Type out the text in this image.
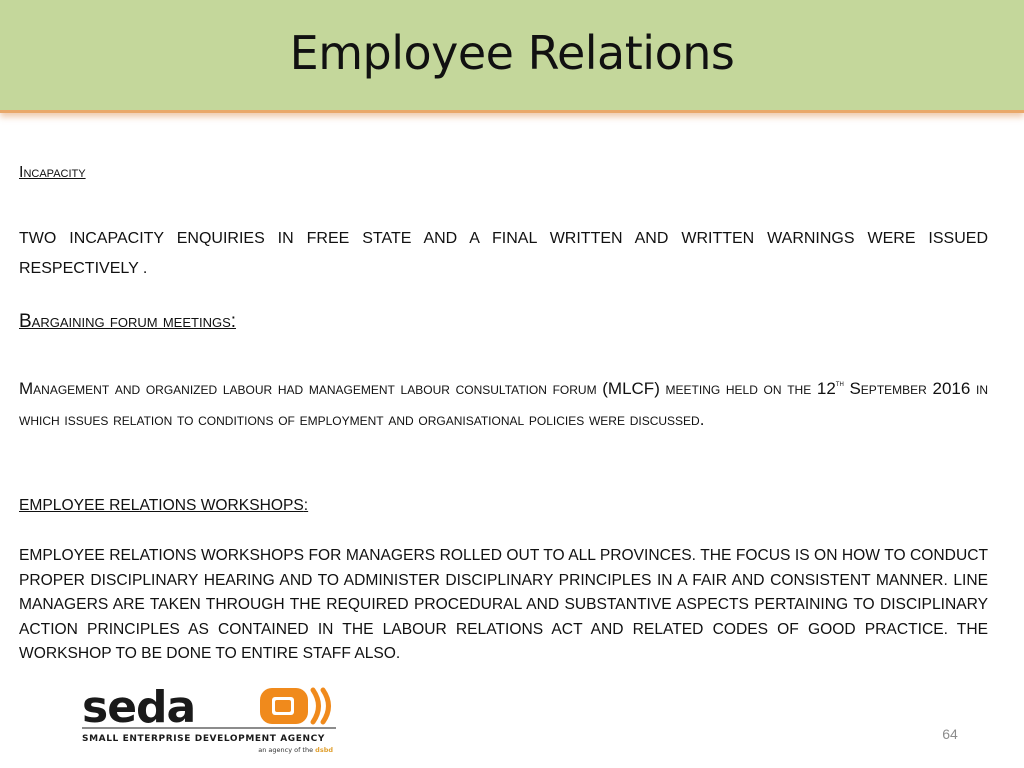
Employee Relations
Incapacity
TWO INCAPACITY ENQUIRIES IN FREE STATE AND A FINAL WRITTEN AND WRITTEN WARNINGS WERE ISSUED RESPECTIVELY .
Bargaining forum meetings:
Management and organized labour had management labour consultation forum (MLCF) meeting held on the 12th September 2016 in which issues relation to conditions of employment and organisational policies were discussed.
EMPLOYEE RELATIONS WORKSHOPS:
EMPLOYEE RELATIONS WORKSHOPS FOR MANAGERS ROLLED OUT TO ALL PROVINCES. THE FOCUS IS ON HOW TO CONDUCT PROPER DISCIPLINARY HEARING AND TO ADMINISTER DISCIPLINARY PRINCIPLES IN A FAIR AND CONSISTENT MANNER. LINE MANAGERS ARE TAKEN THROUGH THE REQUIRED PROCEDURAL AND SUBSTANTIVE ASPECTS PERTAINING TO DISCIPLINARY ACTION PRINCIPLES AS CONTAINED IN THE LABOUR RELATIONS ACT AND RELATED CODES OF GOOD PRACTICE. THE WORKSHOP TO BE DONE TO ENTIRE STAFF ALSO.
seda
SMALL ENTERPRISE DEVELOPMENT AGENCY
an agency of the dsbd
64
